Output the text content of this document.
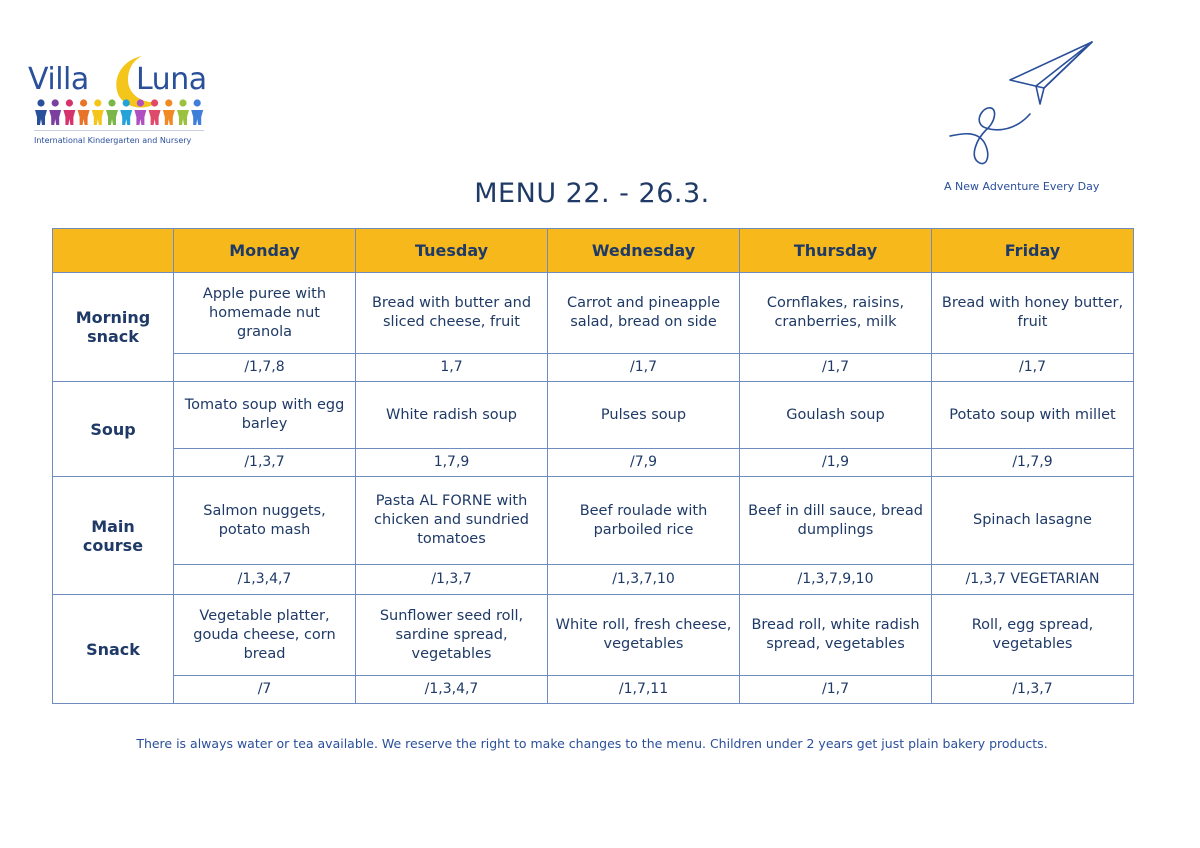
Villa Luna
International Kindergarten and Nursery
A New Adventure Every Day
MENU 22. - 26.3.
	Monday	Tuesday	Wednesday	Thursday	Friday
Morning snack	Apple puree with homemade nut granola	Bread with butter and sliced cheese, fruit	Carrot and pineapple salad, bread on side	Cornflakes, raisins, cranberries, milk	Bread with honey butter, fruit
	/1,7,8	1,7	/1,7	/1,7	/1,7
Soup	Tomato soup with egg barley	White radish soup	Pulses soup	Goulash soup	Potato soup with millet
	/1,3,7	1,7,9	/7,9	/1,9	/1,7,9
Main course	Salmon nuggets, potato mash	Pasta AL FORNE with chicken and sundried tomatoes	Beef roulade with parboiled rice	Beef in dill sauce, bread dumplings	Spinach lasagne
	/1,3,4,7	/1,3,7	/1,3,7,10	/1,3,7,9,10	/1,3,7 VEGETARIAN
Snack	Vegetable platter, gouda cheese, corn bread	Sunflower seed roll, sardine spread, vegetables	White roll, fresh cheese, vegetables	Bread roll, white radish spread, vegetables	Roll, egg spread, vegetables
	/7	/1,3,4,7	/1,7,11	/1,7	/1,3,7
There is always water or tea available. We reserve the right to make changes to the menu. Children under 2 years get just plain bakery products.
